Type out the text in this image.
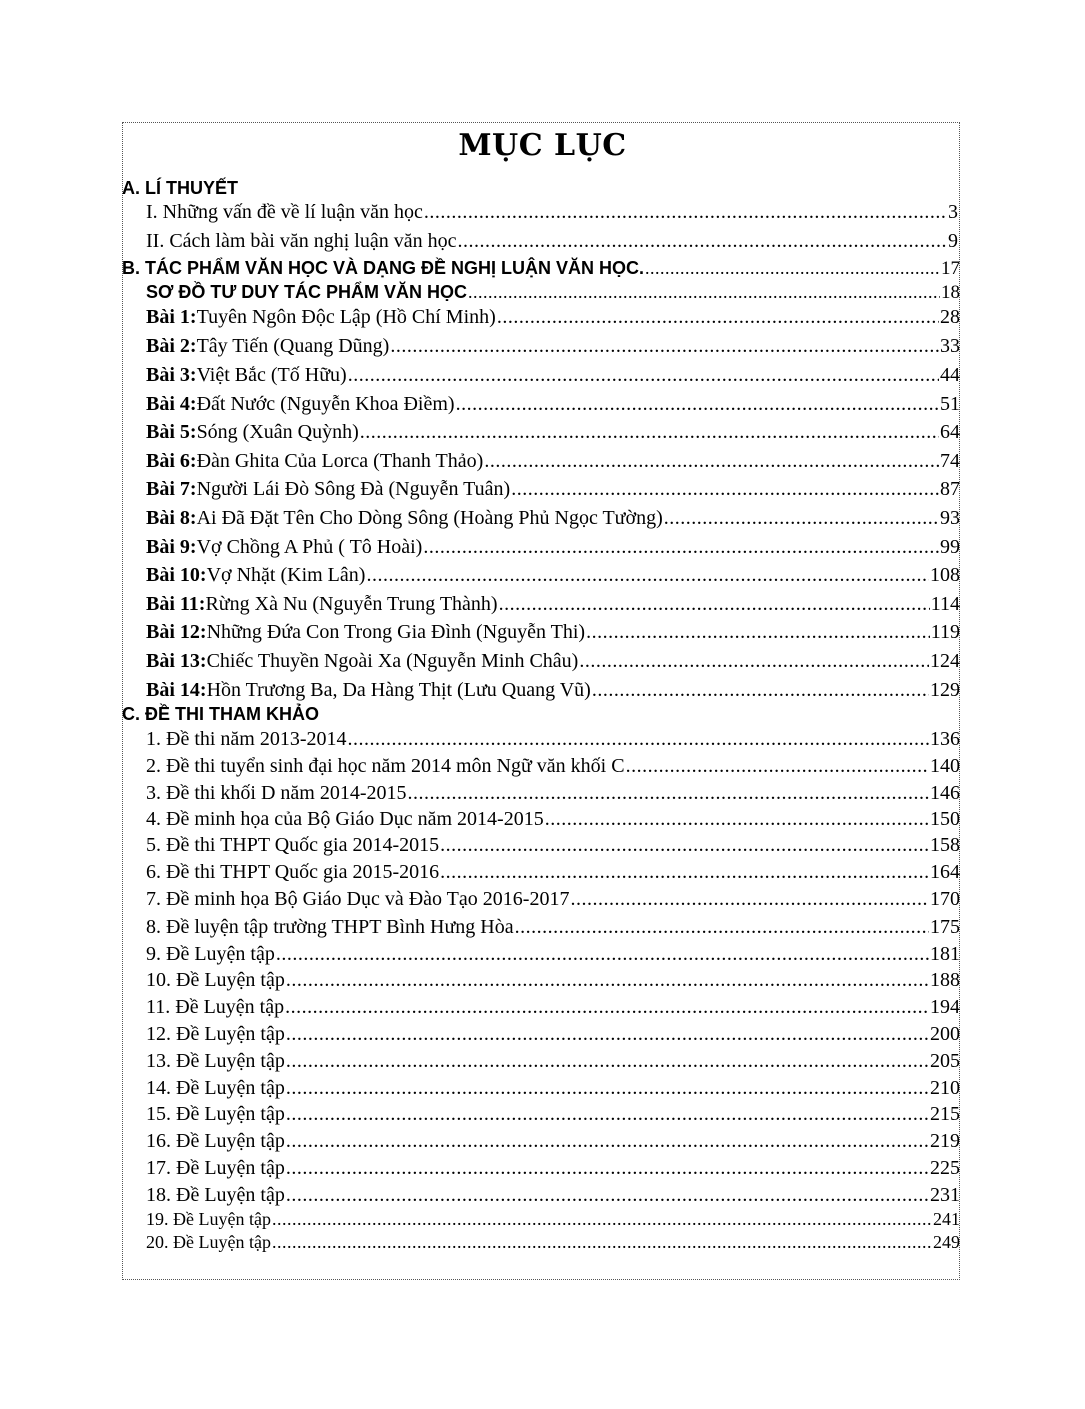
MỤC LỤC
A. LÍ THUYẾT
I. Những vấn đề về lí luận văn học .....	3
II. Cách làm bài văn nghị luận văn học .....	9
B. TÁC PHẨM VĂN HỌC VÀ DẠNG ĐỀ NGHỊ LUẬN VĂN HỌC. .....	17
SƠ ĐỒ TƯ DUY TÁC PHẨM VĂN HỌC .....	18
Bài 1: Tuyên Ngôn Độc Lập (Hồ Chí Minh) .....	28
Bài 2: Tây Tiến (Quang Dũng) .....	33
Bài 3: Việt Bắc (Tố Hữu) .....	44
Bài 4: Đất Nước (Nguyễn Khoa Điềm) .....	51
Bài 5: Sóng (Xuân Quỳnh) .....	64
Bài 6: Đàn Ghita Của Lorca (Thanh Thảo) .....	74
Bài 7: Người Lái Đò Sông Đà (Nguyễn Tuân) .....	87
Bài 8: Ai Đã Đặt Tên Cho Dòng Sông (Hoàng Phủ Ngọc Tường) .....	93
Bài 9: Vợ Chồng A Phủ ( Tô Hoài) .....	99
Bài 10: Vợ Nhặt (Kim Lân) .....	108
Bài 11: Rừng Xà Nu (Nguyễn Trung Thành) .....	114
Bài 12: Những Đứa Con Trong Gia Đình (Nguyễn Thi) .....	119
Bài 13: Chiếc Thuyền Ngoài Xa (Nguyễn Minh Châu) .....	124
Bài 14: Hồn Trương Ba, Da Hàng Thịt (Lưu Quang Vũ) .....	129
C. ĐỀ THI THAM KHẢO
1. Đề thi năm 2013-2014 .....	136
2. Đề thi tuyển sinh đại học năm 2014 môn Ngữ văn khối C .....	140
3. Đề thi khối D năm 2014-2015 .....	146
4. Đề minh họa của Bộ Giáo Dục năm 2014-2015 .....	150
5. Đề thi THPT Quốc gia 2014-2015 .....	158
6. Đề thi THPT Quốc gia 2015-2016 .....	164
7. Đề minh họa Bộ Giáo Dục và Đào Tạo 2016-2017 .....	170
8. Đề luyện tập trường THPT Bình Hưng Hòa .....	175
9. Đề Luyện tập .....	181
10. Đề Luyện tập .....	188
11. Đề Luyện tập .....	194
12. Đề Luyện tập .....	200
13. Đề Luyện tập .....	205
14. Đề Luyện tập .....	210
15. Đề Luyện tập .....	215
16. Đề Luyện tập .....	219
17. Đề Luyện tập .....	225
18. Đề Luyện tập .....	231
19. Đề Luyện tập .....	241
20. Đề Luyện tập .....	249
